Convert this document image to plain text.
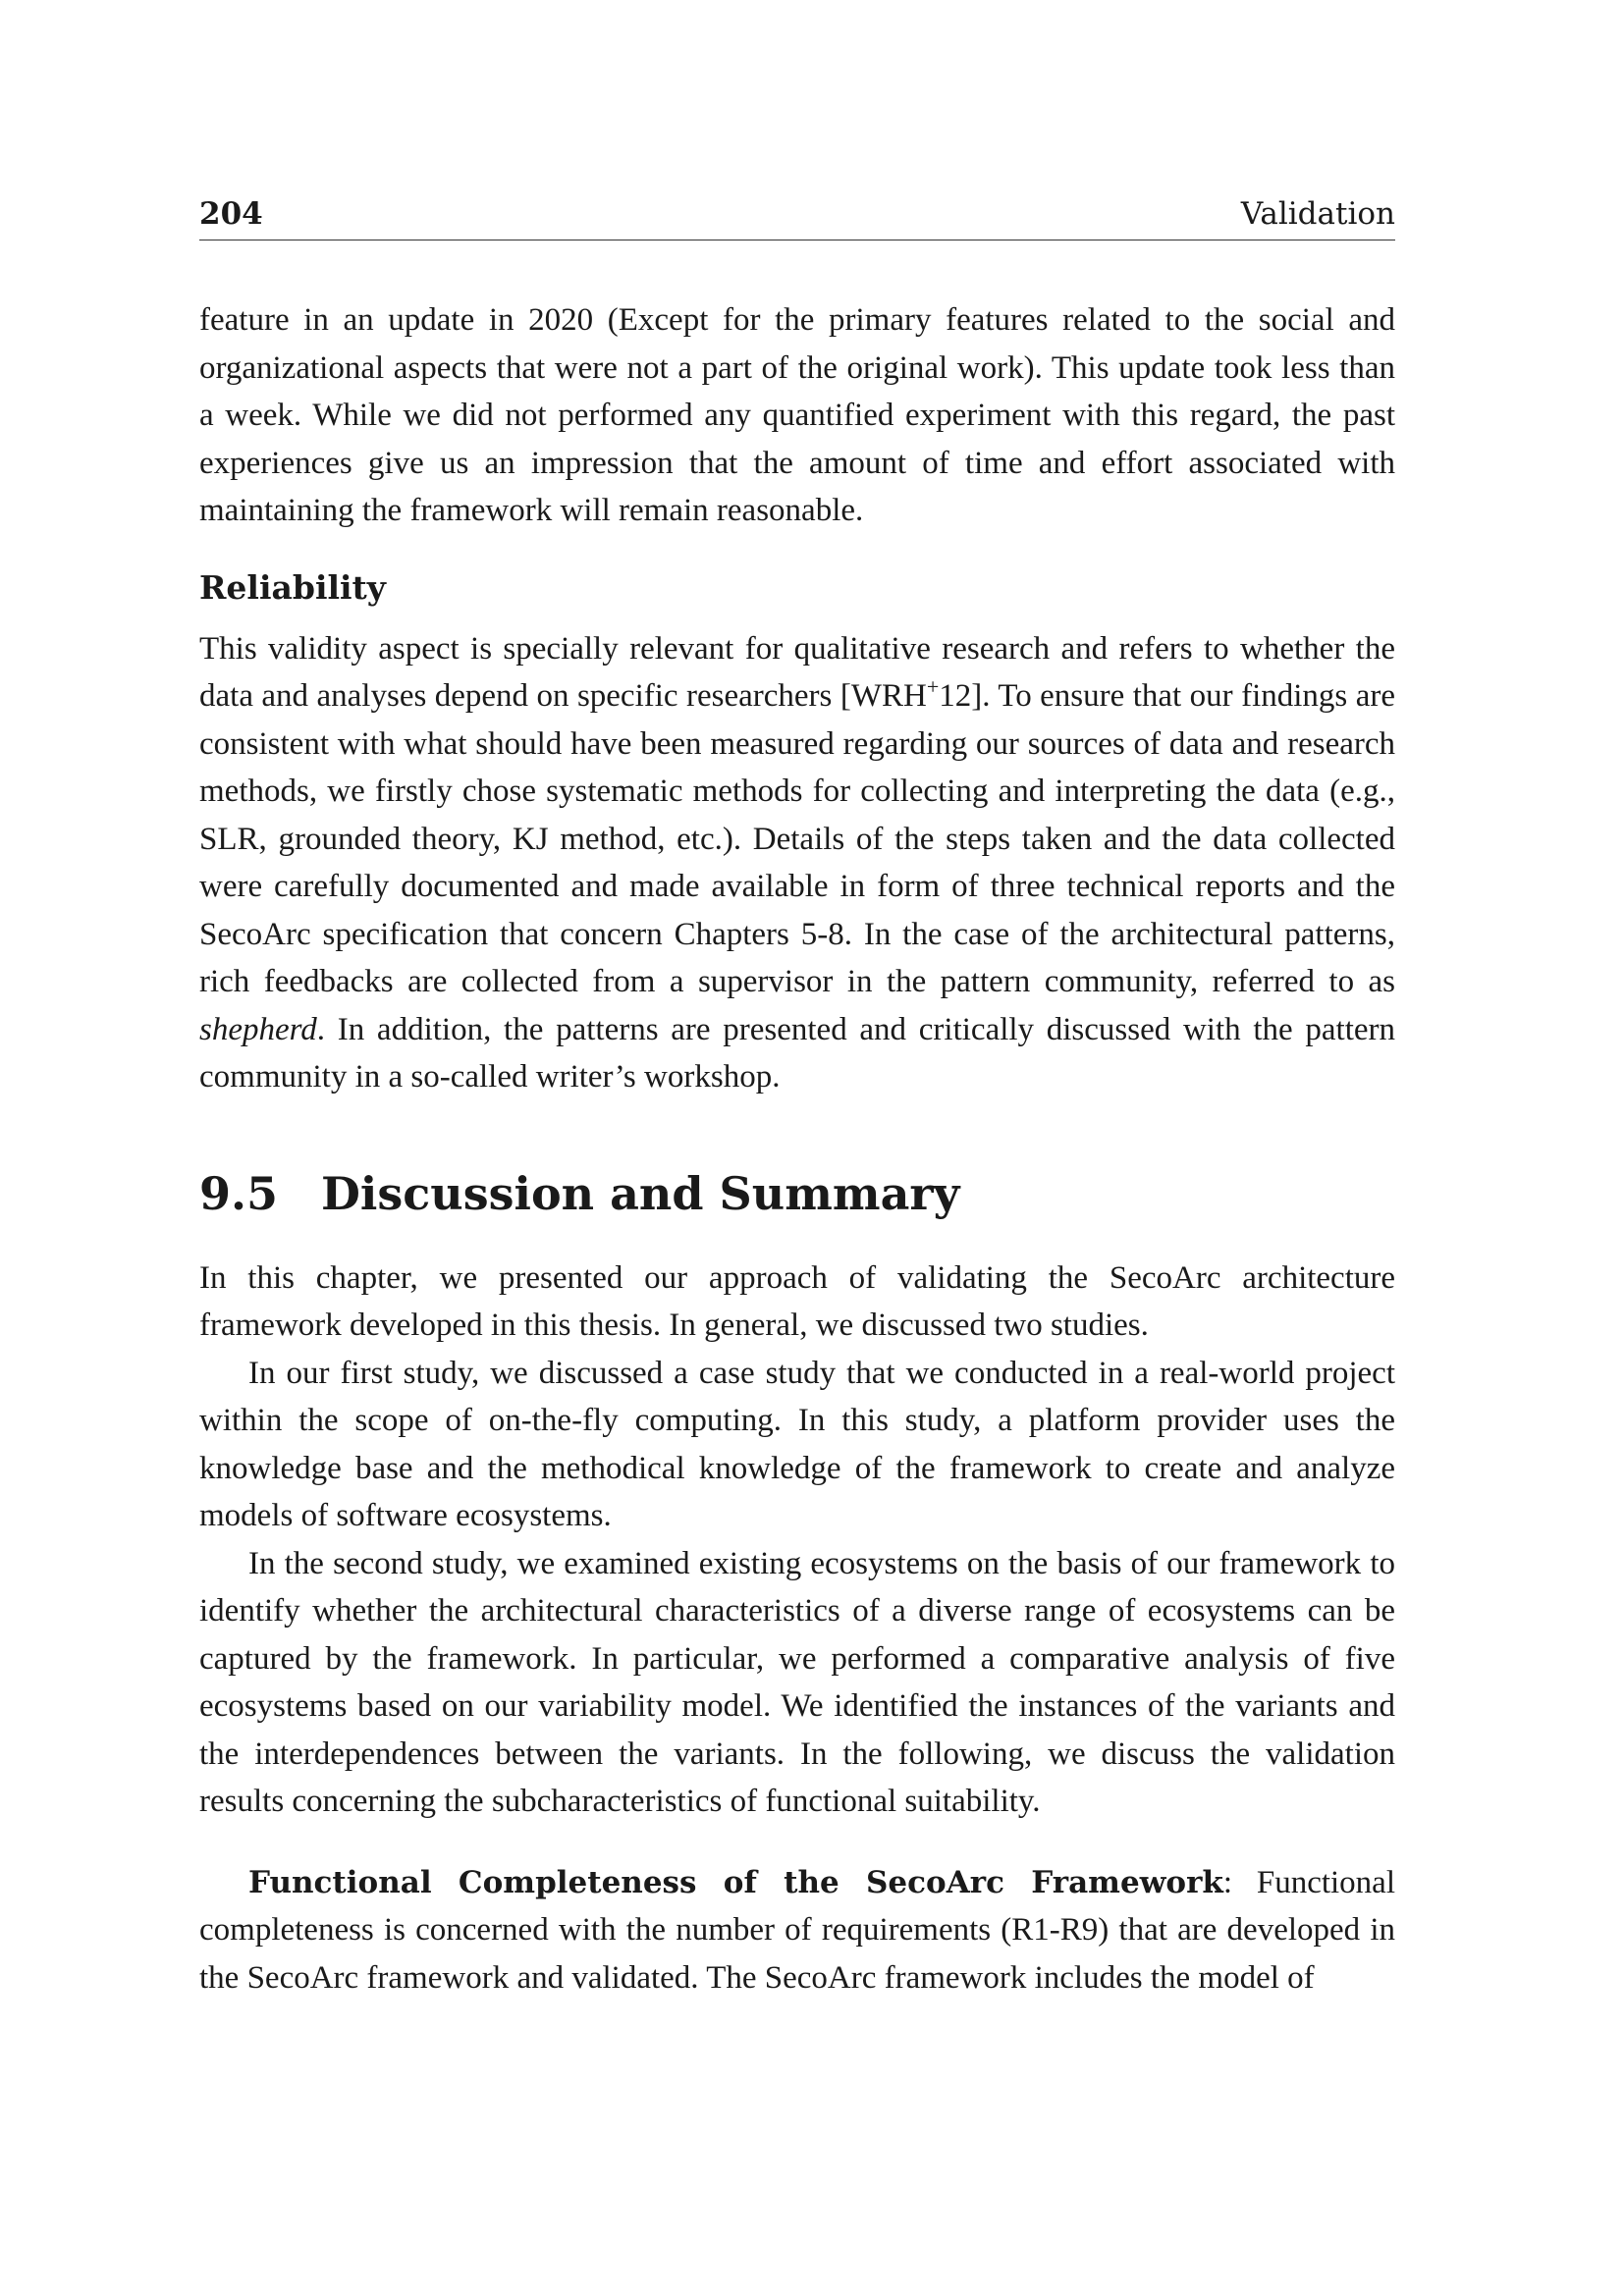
204	Validation

feature in an update in 2020 (Except for the primary features related to the social and organizational aspects that were not a part of the original work). This update took less than a week. While we did not performed any quantified experiment with this regard, the past experiences give us an impression that the amount of time and effort associated with maintaining the framework will remain reasonable.

Reliability

This validity aspect is specially relevant for qualitative research and refers to whether the data and analyses depend on specific researchers [WRH+12]. To ensure that our findings are consistent with what should have been measured regarding our sources of data and research methods, we firstly chose systematic methods for collecting and interpreting the data (e.g., SLR, grounded theory, KJ method, etc.). Details of the steps taken and the data collected were carefully documented and made available in form of three technical reports and the SecoArc specification that concern Chapters 5-8. In the case of the architectural patterns, rich feedbacks are collected from a supervisor in the pattern community, referred to as shepherd. In addition, the patterns are presented and critically discussed with the pattern community in a so-called writer’s workshop.

9.5 Discussion and Summary

In this chapter, we presented our approach of validating the SecoArc architecture framework developed in this thesis. In general, we discussed two studies.

In our first study, we discussed a case study that we conducted in a real-world project within the scope of on-the-fly computing. In this study, a platform provider uses the knowledge base and the methodical knowledge of the framework to create and analyze models of software ecosystems.

In the second study, we examined existing ecosystems on the basis of our framework to identify whether the architectural characteristics of a diverse range of ecosystems can be captured by the framework. In particular, we performed a comparative analysis of five ecosystems based on our variability model. We identified the instances of the variants and the interdependences between the variants. In the following, we discuss the validation results concerning the subcharacteristics of functional suitability.

Functional Completeness of the SecoArc Framework: Functional completeness is concerned with the number of requirements (R1-R9) that are developed in the SecoArc framework and validated. The SecoArc framework includes the model of
